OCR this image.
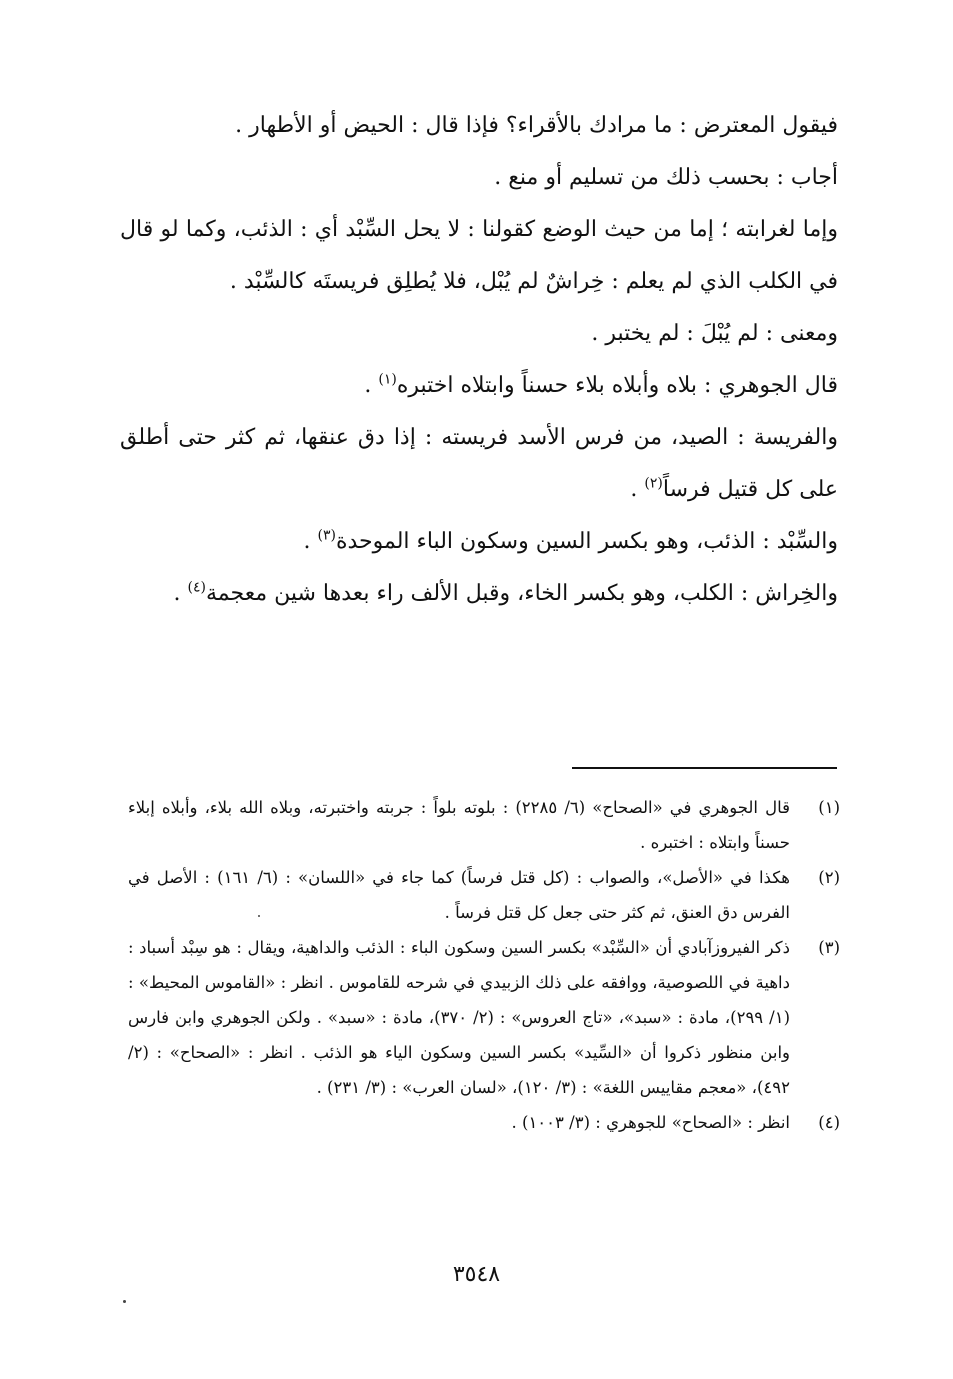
فيقول المعترض : ما مرادك بالأقراء؟ فإذا قال : الحيض أو الأطهار .

أجاب : بحسب ذلك من تسليم أو منع .

وإما لغرابته ؛ إما من حيث الوضع كقولنا : لا يحل السِّبْد أي : الذئب، وكما لو قال في الكلب الذي لم يعلم : خِراشٌ لم يُبْل، فلا يُطلِق فريستَه كالسِّبْد .

ومعنى : لم يُبْلَ : لم يختبر .

قال الجوهري : بلاه وأبلاه بلاء حسناً وابتلاه اختبره$^{(١)}$ .

والفريسة : الصيد، من فرس الأسد فريسته : إذا دق عنقها، ثم كثر حتى أطلق على كل قتيل فرساً$^{(٢)}$ .

والسِّبْد : الذئب، وهو بكسر السين وسكون الباء الموحدة$^{(٣)}$ .

والخِراش : الكلب، وهو بكسر الخاء، وقبل الألف راء بعدها شين معجمة$^{(٤)}$ .

(١)
قال الجوهري في «الصحاح» (٦/ ٢٢٨٥) : بلوته بلواً : جربته واختبرته، وبلاه الله بلاء، وأبلاه إبلاء حسناً وابتلاه : اختبره .
(٢)
هكذا في «الأصل»، والصواب : (كل قتل فرساً) كما جاء في «اللسان» : (٦/ ١٦١) : الأصل في الفرس دق العنق، ثم كثر حتى جعل كل قتل فرساً .
(٣)
ذكر الفيروزآبادي أن «السِّبْد» بكسر السين وسكون الباء : الذئب والداهية، ويقال : هو سِبْد أسباد : داهية في اللصوصية، ووافقه على ذلك الزبيدي في شرحه للقاموس . انظر : «القاموس المحيط» : (١/ ٢٩٩)، مادة : «سبد»، «تاج العروس» : (٢/ ٣٧٠)، مادة : «سبد» . ولكن الجوهري وابن فارس وابن منظور ذكروا أن «السِّيد» بكسر السين وسكون الياء هو الذئب . انظر : «الصحاح» : (٢/ ٤٩٢)، «معجم مقاييس اللغة» : (٣/ ١٢٠)، «لسان العرب» : (٣/ ٢٣١) .
(٤)
انظر : «الصحاح» للجوهري : (٣/ ١٠٠٣) .
٣٥٤٨
